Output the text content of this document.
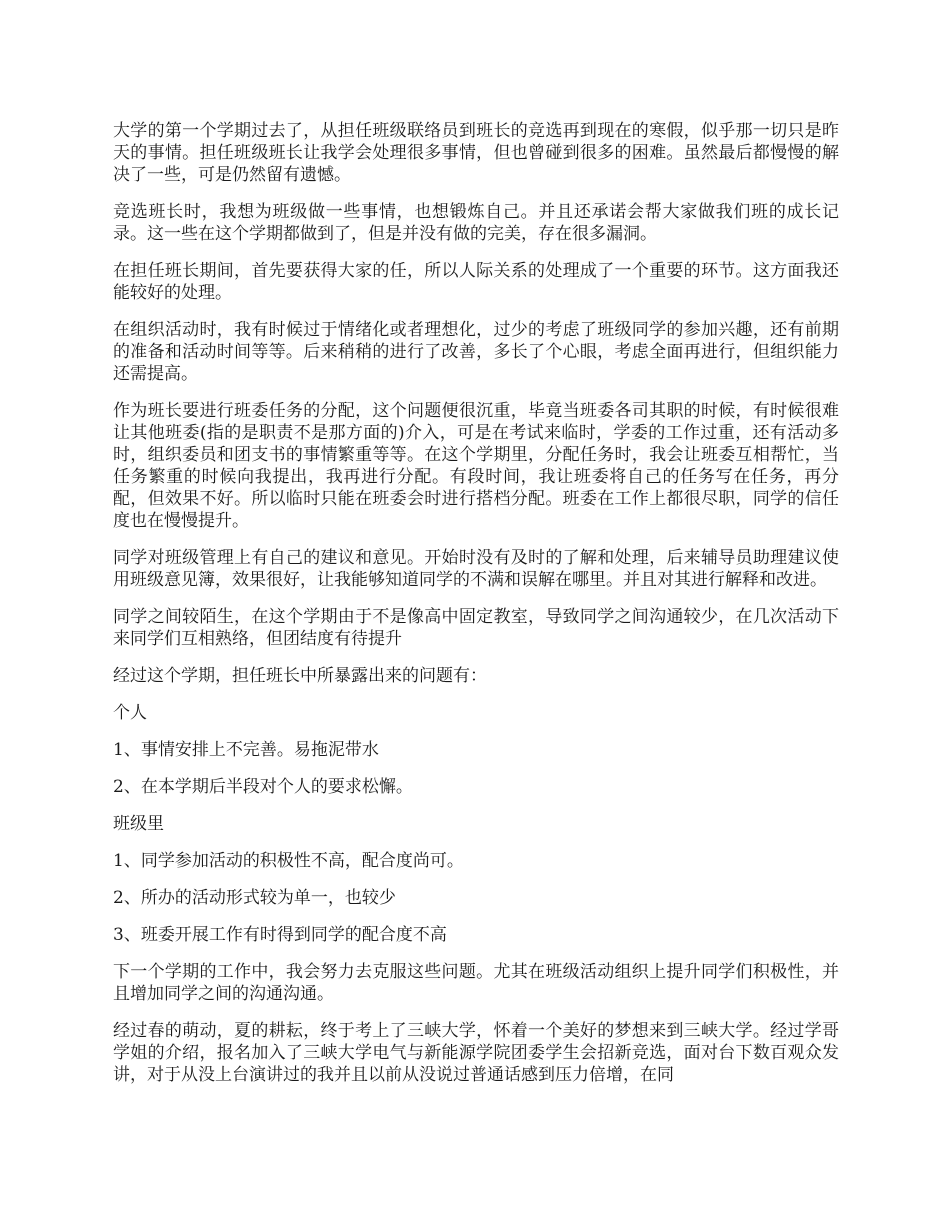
大学的第一个学期过去了，从担任班级联络员到班长的竞选再到现在的寒假，似乎那一切只是昨天的事情。担任班级班长让我学会处理很多事情，但也曾碰到很多的困难。虽然最后都慢慢的解决了一些，可是仍然留有遗憾。

竞选班长时，我想为班级做一些事情，也想锻炼自己。并且还承诺会帮大家做我们班的成长记录。这一些在这个学期都做到了，但是并没有做的完美，存在很多漏洞。

在担任班长期间，首先要获得大家的任，所以人际关系的处理成了一个重要的环节。这方面我还能较好的处理。

在组织活动时，我有时候过于情绪化或者理想化，过少的考虑了班级同学的参加兴趣，还有前期的准备和活动时间等等。后来稍稍的进行了改善，多长了个心眼，考虑全面再进行，但组织能力还需提高。

作为班长要进行班委任务的分配，这个问题便很沉重，毕竟当班委各司其职的时候，有时候很难让其他班委(指的是职责不是那方面的)介入，可是在考试来临时，学委的工作过重，还有活动多时，组织委员和团支书的事情繁重等等。在这个学期里，分配任务时，我会让班委互相帮忙，当任务繁重的时候向我提出，我再进行分配。有段时间，我让班委将自己的任务写在任务，再分配，但效果不好。所以临时只能在班委会时进行搭档分配。班委在工作上都很尽职，同学的信任度也在慢慢提升。

同学对班级管理上有自己的建议和意见。开始时没有及时的了解和处理，后来辅导员助理建议使用班级意见簿，效果很好，让我能够知道同学的不满和误解在哪里。并且对其进行解释和改进。

同学之间较陌生，在这个学期由于不是像高中固定教室，导致同学之间沟通较少，在几次活动下来同学们互相熟络，但团结度有待提升

经过这个学期，担任班长中所暴露出来的问题有：

个人

1、事情安排上不完善。易拖泥带水

2、在本学期后半段对个人的要求松懈。

班级里

1、同学参加活动的积极性不高，配合度尚可。

2、所办的活动形式较为单一，也较少

3、班委开展工作有时得到同学的配合度不高

下一个学期的工作中，我会努力去克服这些问题。尤其在班级活动组织上提升同学们积极性，并且增加同学之间的沟通沟通。

经过春的萌动，夏的耕耘，终于考上了三峡大学，怀着一个美好的梦想来到三峡大学。经过学哥学姐的介绍，报名加入了三峡大学电气与新能源学院团委学生会招新竞选，面对台下数百观众发讲，对于从没上台演讲过的我并且以前从没说过普通话感到压力倍增，在同
